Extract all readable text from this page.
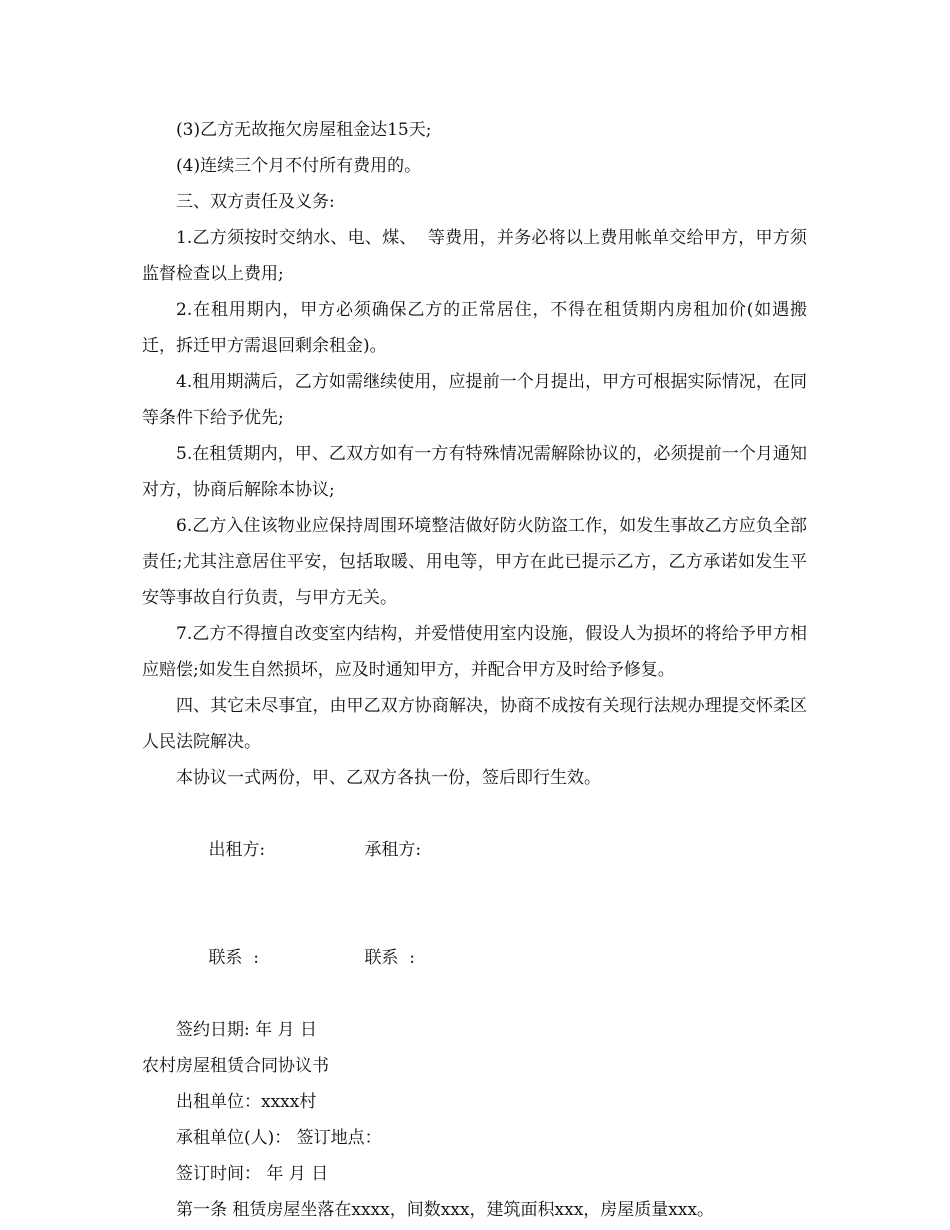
(3)乙方无故拖欠房屋租金达15天;

(4)连续三个月不付所有费用的。

三、双方责任及义务:

1.乙方须按时交纳水、电、煤、  等费用，并务必将以上费用帐单交给甲方，甲方须监督检查以上费用;

2.在租用期内，甲方必须确保乙方的正常居住，不得在租赁期内房租加价(如遇搬迁，拆迁甲方需退回剩余租金)。

4.租用期满后，乙方如需继续使用，应提前一个月提出，甲方可根据实际情况，在同等条件下给予优先;

5.在租赁期内，甲、乙双方如有一方有特殊情况需解除协议的，必须提前一个月通知对方，协商后解除本协议;

6.乙方入住该物业应保持周围环境整洁做好防火防盗工作，如发生事故乙方应负全部责任;尤其注意居住平安，包括取暖、用电等，甲方在此已提示乙方，乙方承诺如发生平安等事故自行负责，与甲方无关。

7.乙方不得擅自改变室内结构，并爱惜使用室内设施，假设人为损坏的将给予甲方相应赔偿;如发生自然损坏，应及时通知甲方，并配合甲方及时给予修复。

四、其它未尽事宜，由甲乙双方协商解决，协商不成按有关现行法规办理提交怀柔区人民法院解决。

本协议一式两份，甲、乙双方各执一份，签后即行生效。

出租方:	承租方:

联系  :	联系  :

签约日期: 年 月 日

农村房屋租赁合同协议书

出租单位：xxxx村

承租单位(人)： 签订地点：

签订时间： 年 月 日

第一条 租赁房屋坐落在xxxx，间数xxx，建筑面积xxx，房屋质量xxx。
